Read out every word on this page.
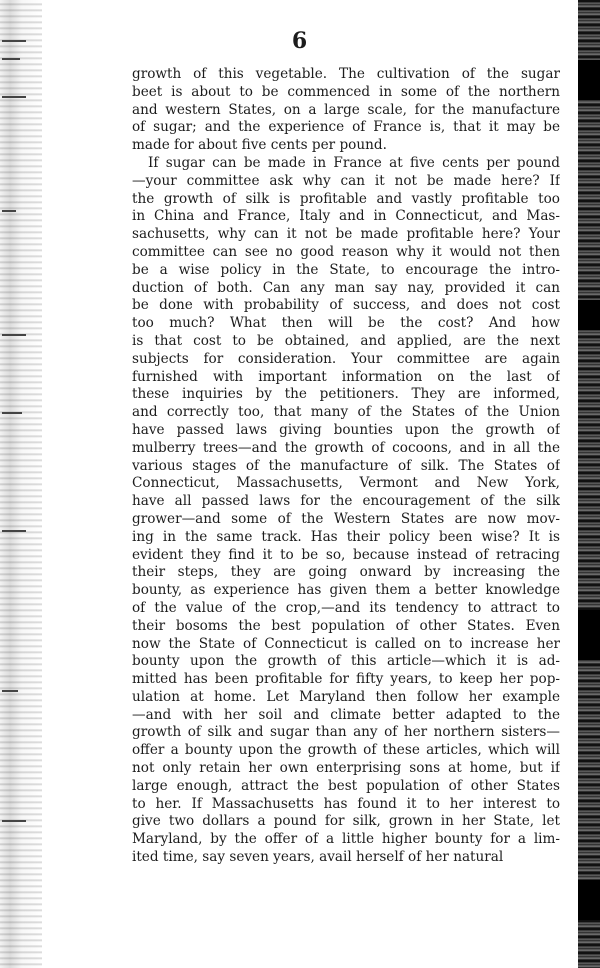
6
growth of this vegetable. The cultivation of the sugar
beet is about to be commenced in some of the northern
and western States, on a large scale, for the manufacture
of sugar; and the experience of France is, that it may be
made for about five cents per pound.
If sugar can be made in France at five cents per pound
—your committee ask why can it not be made here? If
the growth of silk is profitable and vastly profitable too
in China and France, Italy and in Connecticut, and Mas-
sachusetts, why can it not be made profitable here? Your
committee can see no good reason why it would not then
be a wise policy in the State, to encourage the intro-
duction of both. Can any man say nay, provided it can
be done with probability of success, and does not cost
too much? What then will be the cost? And how
is that cost to be obtained, and applied, are the next
subjects for consideration. Your committee are again
furnished with important information on the last of
these inquiries by the petitioners. They are informed,
and correctly too, that many of the States of the Union
have passed laws giving bounties upon the growth of
mulberry trees—and the growth of cocoons, and in all the
various stages of the manufacture of silk. The States of
Connecticut, Massachusetts, Vermont and New York,
have all passed laws for the encouragement of the silk
grower—and some of the Western States are now mov-
ing in the same track. Has their policy been wise? It is
evident they find it to be so, because instead of retracing
their steps, they are going onward by increasing the
bounty, as experience has given them a better knowledge
of the value of the crop,—and its tendency to attract to
their bosoms the best population of other States. Even
now the State of Connecticut is called on to increase her
bounty upon the growth of this article—which it is ad-
mitted has been profitable for fifty years, to keep her pop-
ulation at home. Let Maryland then follow her example
—and with her soil and climate better adapted to the
growth of silk and sugar than any of her northern sisters—
offer a bounty upon the growth of these articles, which will
not only retain her own enterprising sons at home, but if
large enough, attract the best population of other States
to her. If Massachusetts has found it to her interest to
give two dollars a pound for silk, grown in her State, let
Maryland, by the offer of a little higher bounty for a lim-
ited time, say seven years, avail herself of her natural
